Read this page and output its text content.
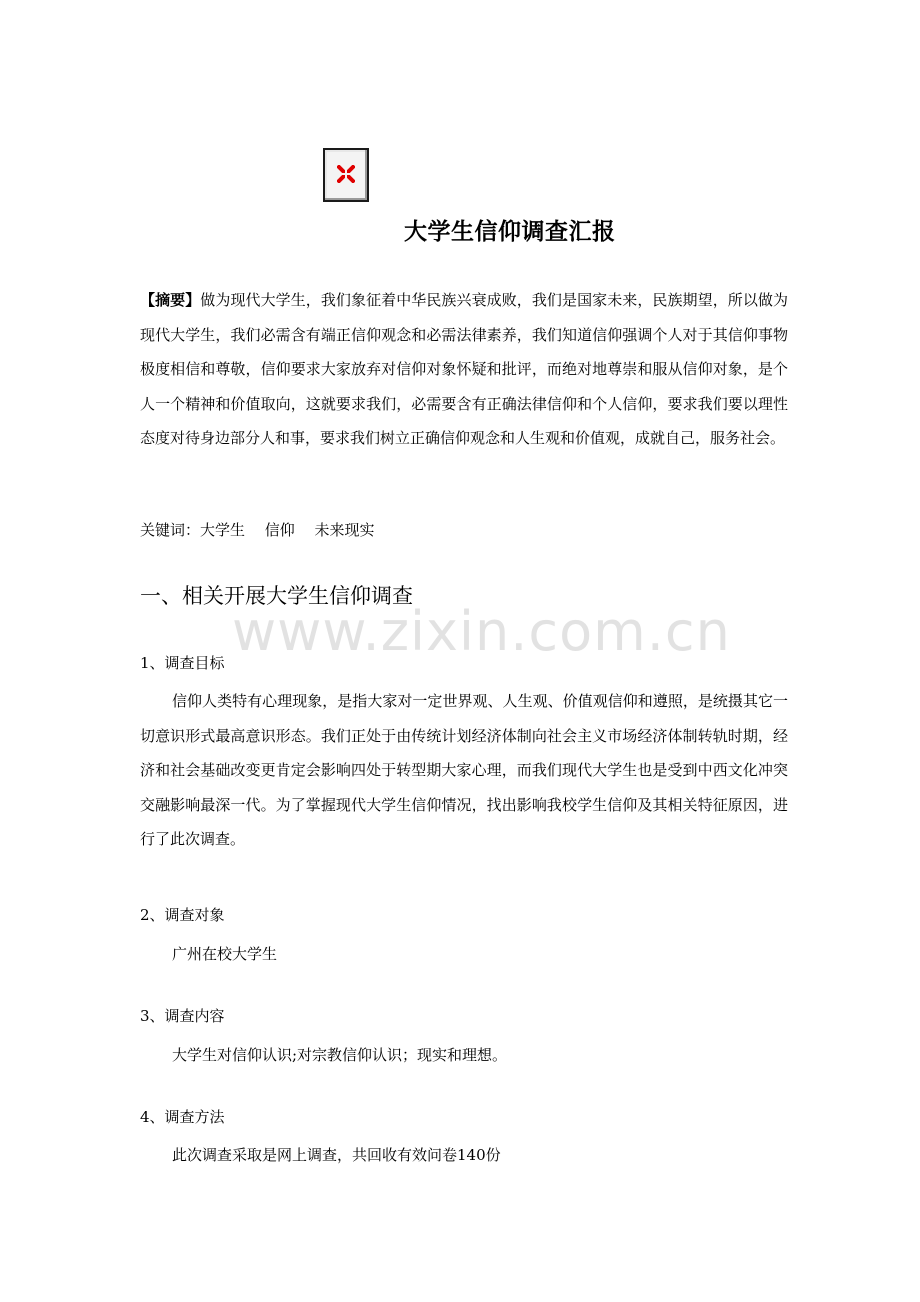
大学生信仰调查汇报
【摘要】做为现代大学生，我们象征着中华民族兴衰成败，我们是国家未来，民族期望，所以做为现代大学生，我们必需含有端正信仰观念和必需法律素养，我们知道信仰强调个人对于其信仰事物极度相信和尊敬，信仰要求大家放弃对信仰对象怀疑和批评，而绝对地尊崇和服从信仰对象，是个人一个精神和价值取向，这就要求我们，必需要含有正确法律信仰和个人信仰，要求我们要以理性态度对待身边部分人和事，要求我们树立正确信仰观念和人生观和价值观，成就自己，服务社会。
关键词：大学生　 信仰　 未来现实
一、相关开展大学生信仰调查
www.zixin.com.cn
1、调查目标
信仰人类特有心理现象，是指大家对一定世界观、人生观、价值观信仰和遵照，是统摄其它一切意识形式最高意识形态。我们正处于由传统计划经济体制向社会主义市场经济体制转轨时期，经济和社会基础改变更肯定会影响四处于转型期大家心理，而我们现代大学生也是受到中西文化冲突交融影响最深一代。为了掌握现代大学生信仰情况，找出影响我校学生信仰及其相关特征原因，进行了此次调查。
2、调查对象
广州在校大学生
3、调查内容
大学生对信仰认识;对宗教信仰认识；现实和理想。
4、调查方法
此次调查采取是网上调查，共回收有效问卷140份
